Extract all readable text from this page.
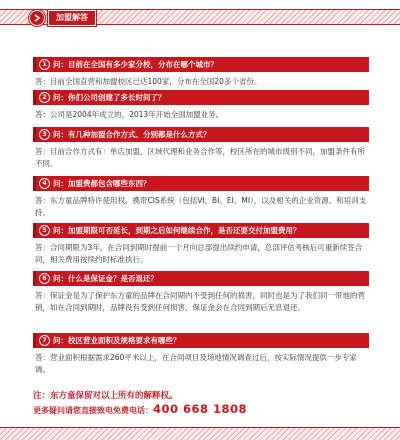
加盟解答
1 问：目前在全国有多少家分校，分布在哪个城市？
答：目前全国直营和加盟校区已达100家，分布在全国20多个省份。
2 问：你们公司创建了多长时间了？
答：公司是2004年成立的，2013年开始全国加盟业务。
3 问：有几种加盟合作方式、分别都是什么方式？
答：目前合作方式有：单店加盟、区域代理和业务合作等，校区所在的城市级别不同，加盟条件有所不同。
4 问：加盟费都包含哪些东西？
答：东方童品牌特许使用权，携带CIS系统（包括VI、BI、EI、MI），以及相关的企业资源、和培训支持。
5 问：加盟期限可否延长，到期之后如何继续合作，是否还要交付加盟费用？
答：合同期限为3年，在合同到期时提前一个月向总部提出续约申请，总部评估考核后可重新续签合同，相关费用按续约时标准执行。
6 问：什么是保证金？是否退还？
答：保证金是为了保护东方童的品牌在合同期内不受到任何的损害，同时也是为了我们同一带地的营销，如在合同到期时，品牌没有受到任何损害，保证金会在合同到期后无息退还。
7 问：校区营业面积及规格要求有哪些？
答：营业面积根据需求260平米以上，在合同项目及场地情况调查过后，按实际情况提供一步专家调。
注：东方童保留对以上所有的解释权。
更多疑问请您直接致电免费电话：400 668 1808
